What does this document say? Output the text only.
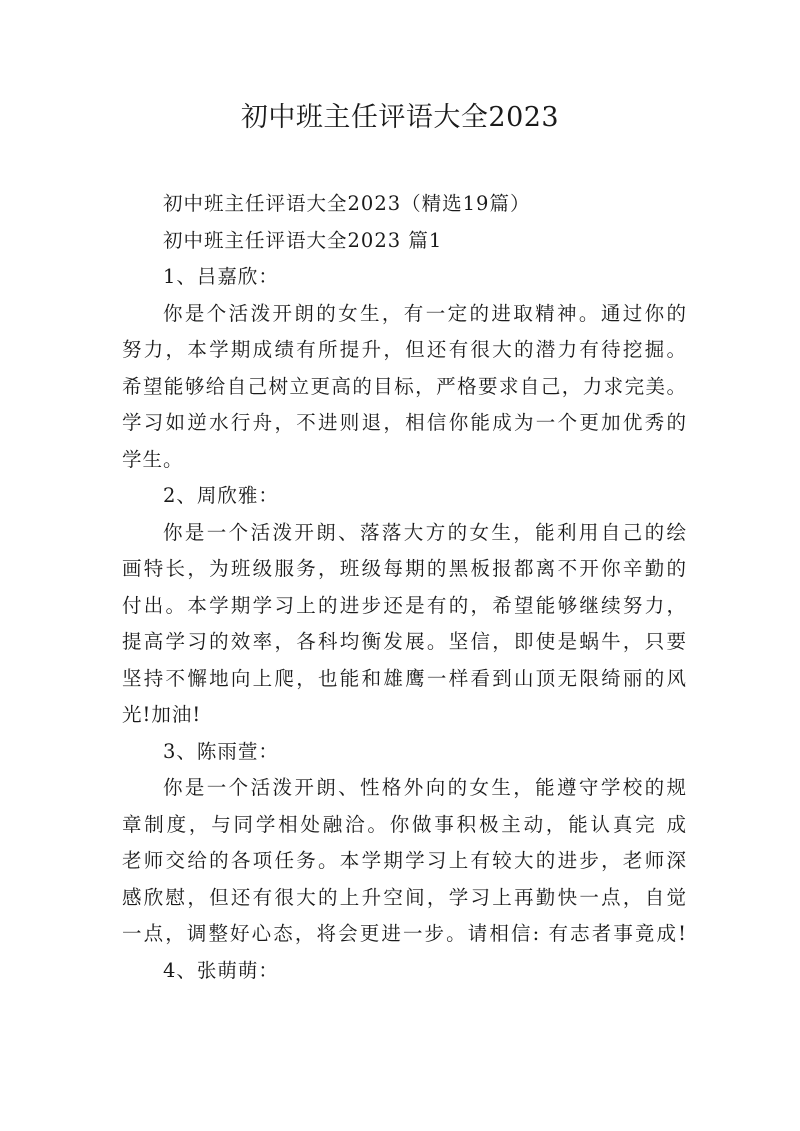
初中班主任评语大全2023
初中班主任评语大全2023（精选19篇）
初中班主任评语大全2023 篇1
1、吕嘉欣：
你是个活泼开朗的女生，有一定的进取精神。通过你的
努力，本学期成绩有所提升，但还有很大的潜力有待挖掘。
希望能够给自己树立更高的目标，严格要求自己，力求完美。
学习如逆水行舟，不进则退，相信你能成为一个更加优秀的
学生。
2、周欣雅：
你是一个活泼开朗、落落大方的女生，能利用自己的绘
画特长，为班级服务，班级每期的黑板报都离不开你辛勤的
付出。本学期学习上的进步还是有的，希望能够继续努力，
提高学习的效率，各科均衡发展。坚信，即使是蜗牛，只要
坚持不懈地向上爬，也能和雄鹰一样看到山顶无限绮丽的风
光!加油!
3、陈雨萱：
你是一个活泼开朗、性格外向的女生，能遵守学校的规
章制度，与同学相处融洽。你做事积极主动，能认真完 成
老师交给的各项任务。本学期学习上有较大的进步，老师深
感欣慰，但还有很大的上升空间，学习上再勤快一点，自觉
一点，调整好心态，将会更进一步。请相信: 有志者事竟成!
4、张萌萌：
